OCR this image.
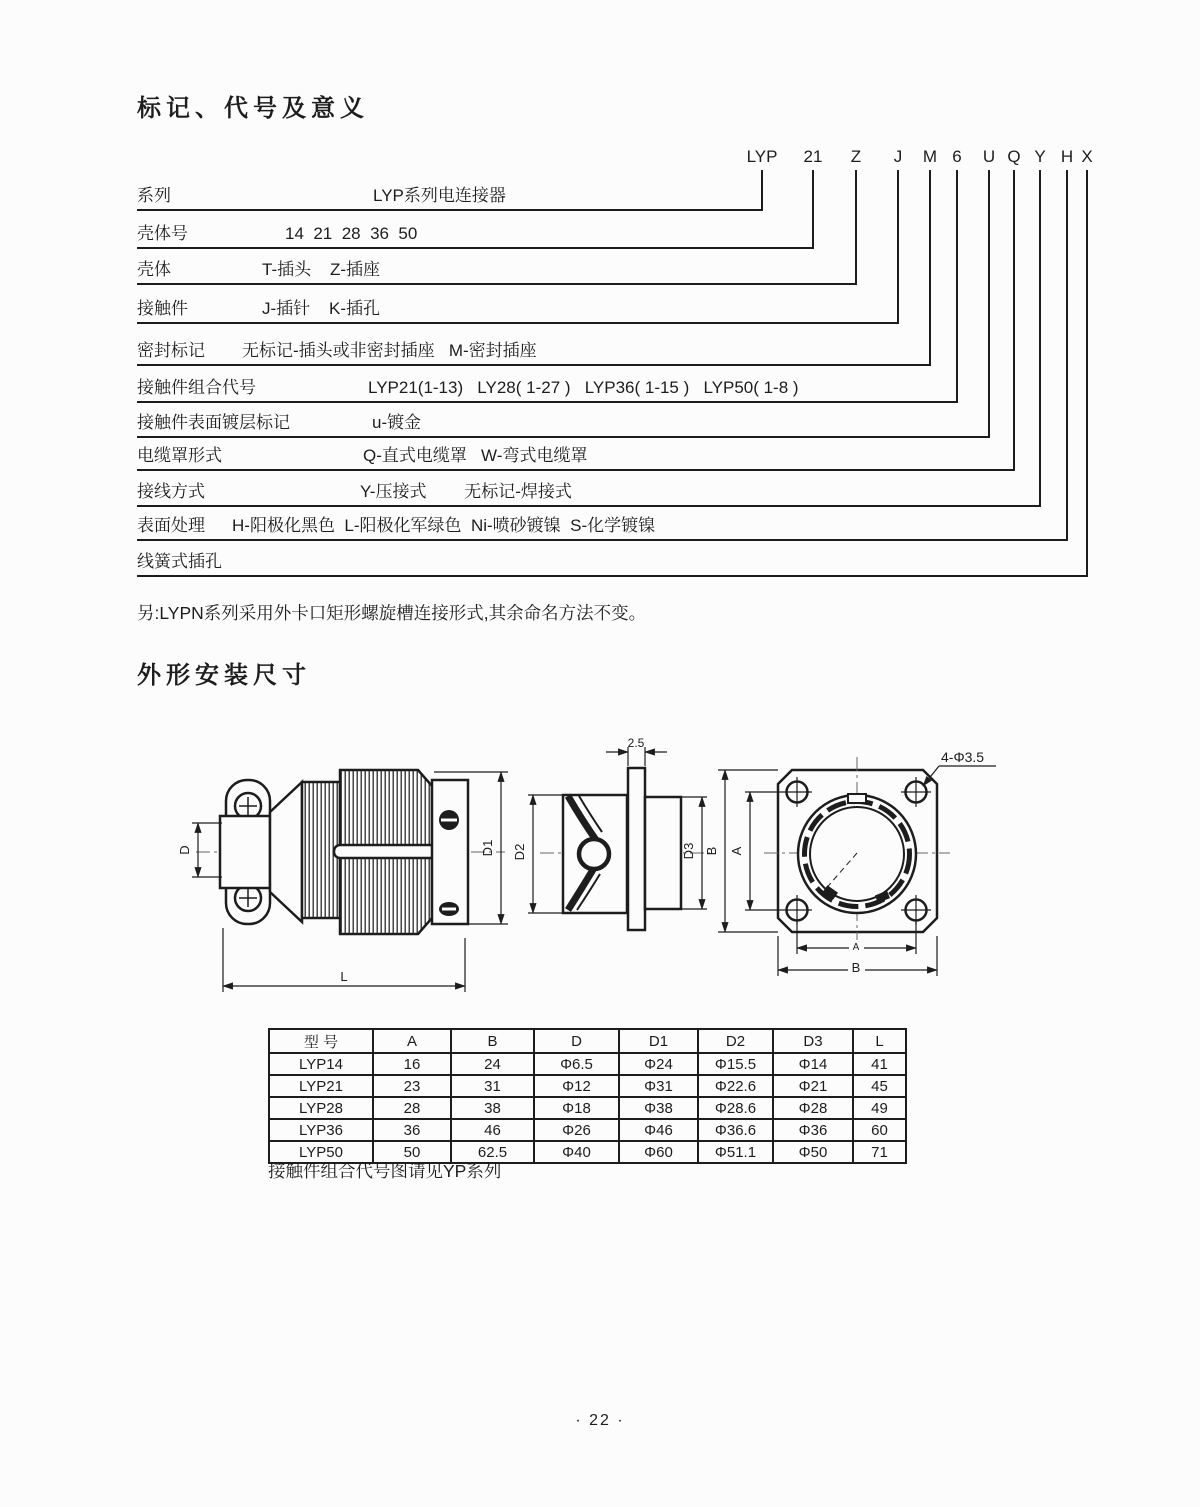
标记、代号及意义
LYP 21 Z J M 6 U Q Y H X
系列	LYP系列电连接器
壳体号	14  21  28  36  50
壳体	T-插头    Z-插座
接触件	J-插针    K-插孔
密封标记 无标记-插头或非密封插座   M-密封插座
接触件组合代号	LYP21(1-13)   LY28( 1-27 )   LYP36( 1-15 )   LYP50( 1-8 )
接触件表面镀层标记	u-镀金
电缆罩形式	Q-直式电缆罩   W-弯式电缆罩
接线方式	Y-压接式        无标记-焊接式
表面处理 H-阳极化黑色  L-阳极化军绿色  Ni-喷砂镀镍  S-化学镀镍
线簧式插孔
另:LYPN系列采用外卡口矩形螺旋槽连接形式,其余命名方法不变。
外形安装尺寸
D	D1
L
2.5
D2	D3
4-Φ3.5
B A
A
B
型 号	A	B	D	D1	D2	D3	L
LYP14	16	24	Φ6.5	Φ24	Φ15.5	Φ14	41
LYP21	23	31	Φ12	Φ31	Φ22.6	Φ21	45
LYP28	28	38	Φ18	Φ38	Φ28.6	Φ28	49
LYP36	36	46	Φ26	Φ46	Φ36.6	Φ36	60
LYP50	50	62.5	Φ40	Φ60	Φ51.1	Φ50	71
接触件组合代号图请见YP系列
· 22 ·
